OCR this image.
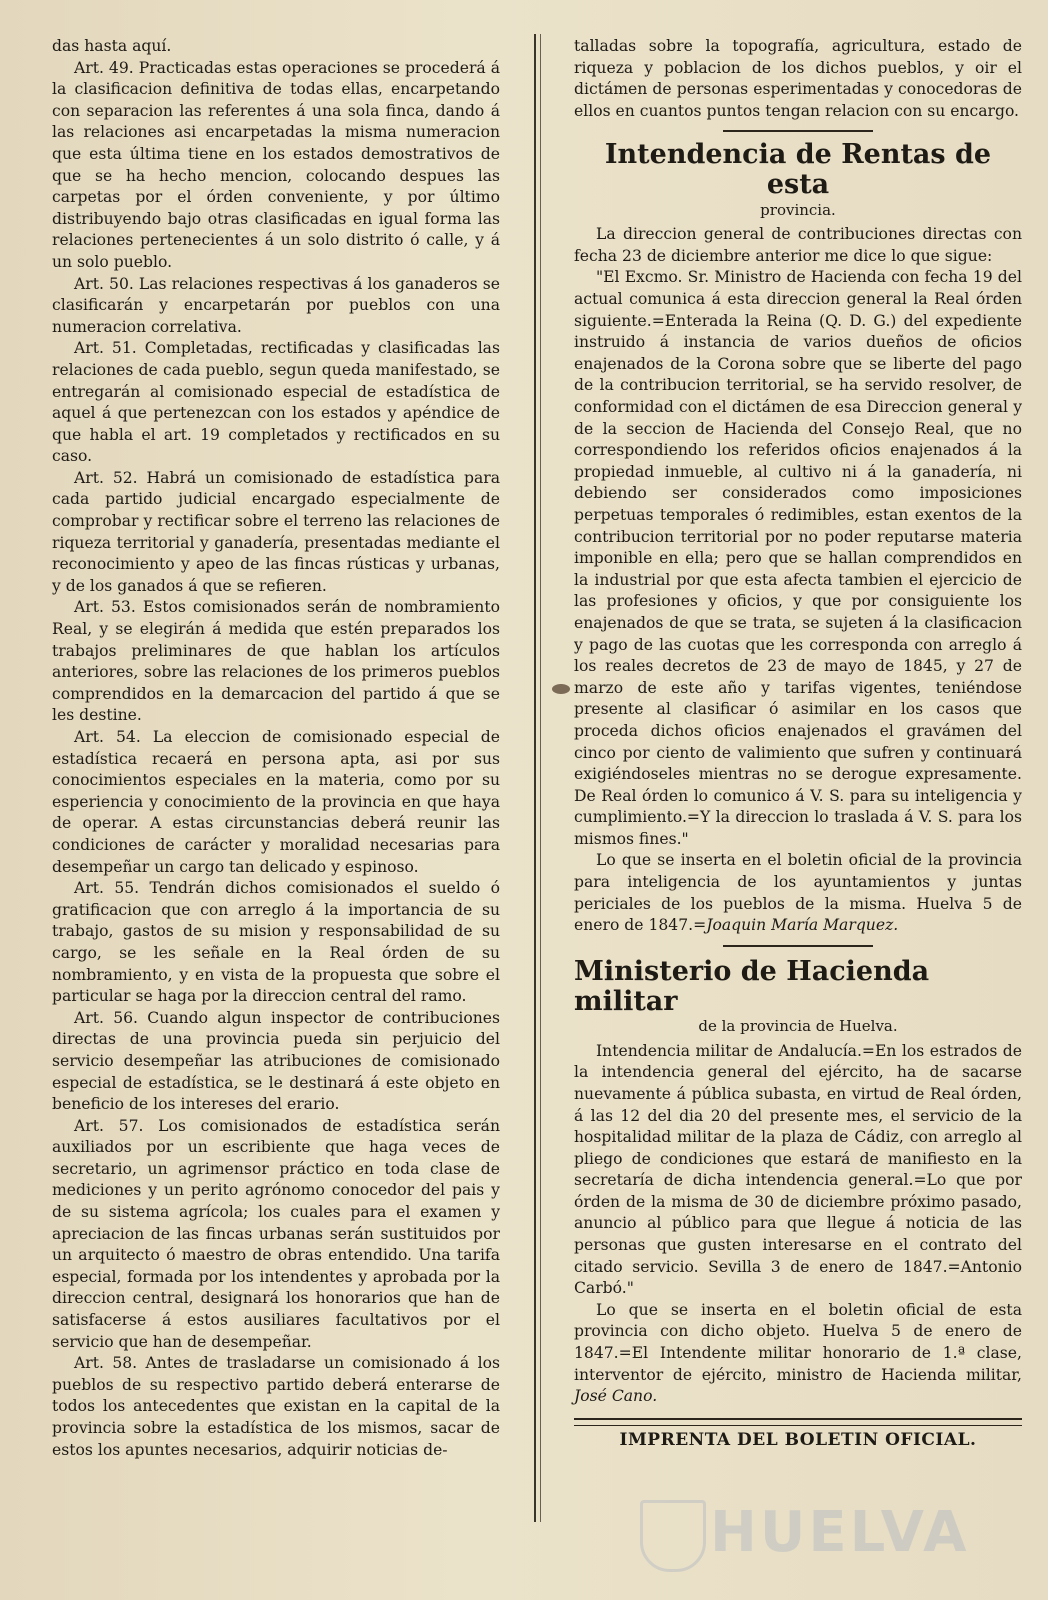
das hasta aquí.

Art. 49. Practicadas estas operaciones se procederá á la clasificacion definitiva de todas ellas, encarpetando con separacion las referentes á una sola finca, dando á las relaciones asi encarpetadas la misma numeracion que esta última tiene en los estados demostrativos de que se ha hecho mencion, colocando despues las carpetas por el órden conveniente, y por último distribuyendo bajo otras clasificadas en igual forma las relaciones pertenecientes á un solo distrito ó calle, y á un solo pueblo.

Art. 50. Las relaciones respectivas á los ganaderos se clasificarán y encarpetarán por pueblos con una numeracion correlativa.

Art. 51. Completadas, rectificadas y clasificadas las relaciones de cada pueblo, segun queda manifestado, se entregarán al comisionado especial de estadística de aquel á que pertenezcan con los estados y apéndice de que habla el art. 19 completados y rectificados en su caso.

Art. 52. Habrá un comisionado de estadística para cada partido judicial encargado especialmente de comprobar y rectificar sobre el terreno las relaciones de riqueza territorial y ganadería, presentadas mediante el reconocimiento y apeo de las fincas rústicas y urbanas, y de los ganados á que se refieren.

Art. 53. Estos comisionados serán de nombramiento Real, y se elegirán á medida que estén preparados los trabajos preliminares de que hablan los artículos anteriores, sobre las relaciones de los primeros pueblos comprendidos en la demarcacion del partido á que se les destine.

Art. 54. La eleccion de comisionado especial de estadística recaerá en persona apta, asi por sus conocimientos especiales en la materia, como por su esperiencia y conocimiento de la provincia en que haya de operar. A estas circunstancias deberá reunir las condiciones de carácter y moralidad necesarias para desempeñar un cargo tan delicado y espinoso.

Art. 55. Tendrán dichos comisionados el sueldo ó gratificacion que con arreglo á la importancia de su trabajo, gastos de su mision y responsabilidad de su cargo, se les señale en la Real órden de su nombramiento, y en vista de la propuesta que sobre el particular se haga por la direccion central del ramo.

Art. 56. Cuando algun inspector de contribuciones directas de una provincia pueda sin perjuicio del servicio desempeñar las atribuciones de comisionado especial de estadística, se le destinará á este objeto en beneficio de los intereses del erario.

Art. 57. Los comisionados de estadística serán auxiliados por un escribiente que haga veces de secretario, un agrimensor práctico en toda clase de mediciones y un perito agrónomo conocedor del pais y de su sistema agrícola; los cuales para el examen y apreciacion de las fincas urbanas serán sustituidos por un arquitecto ó maestro de obras entendido. Una tarifa especial, formada por los intendentes y aprobada por la direccion central, designará los honorarios que han de satisfacerse á estos ausiliares facultativos por el servicio que han de desempeñar.

Art. 58. Antes de trasladarse un comisionado á los pueblos de su respectivo partido deberá enterarse de todos los antecedentes que existan en la capital de la provincia sobre la estadística de los mismos, sacar de estos los apuntes necesarios, adquirir noticias de-

talladas sobre la topografía, agricultura, estado de riqueza y poblacion de los dichos pueblos, y oir el dictámen de personas esperimentadas y conocedoras de ellos en cuantos puntos tengan relacion con su encargo.

Intendencia de Rentas de esta
provincia.

La direccion general de contribuciones directas con fecha 23 de diciembre anterior me dice lo que sigue:

"El Excmo. Sr. Ministro de Hacienda con fecha 19 del actual comunica á esta direccion general la Real órden siguiente.=Enterada la Reina (Q. D. G.) del expediente instruido á instancia de varios dueños de oficios enajenados de la Corona sobre que se liberte del pago de la contribucion territorial, se ha servido resolver, de conformidad con el dictámen de esa Direccion general y de la seccion de Hacienda del Consejo Real, que no correspondiendo los referidos oficios enajenados á la propiedad inmueble, al cultivo ni á la ganadería, ni debiendo ser considerados como imposiciones perpetuas temporales ó redimibles, estan exentos de la contribucion territorial por no poder reputarse materia imponible en ella; pero que se hallan comprendidos en la industrial por que esta afecta tambien el ejercicio de las profesiones y oficios, y que por consiguiente los enajenados de que se trata, se sujeten á la clasificacion y pago de las cuotas que les corresponda con arreglo á los reales decretos de 23 de mayo de 1845, y 27 de marzo de este año y tarifas vigentes, teniéndose presente al clasificar ó asimilar en los casos que proceda dichos oficios enajenados el gravámen del cinco por ciento de valimiento que sufren y continuará exigiéndoseles mientras no se derogue expresamente. De Real órden lo comunico á V. S. para su inteligencia y cumplimiento.=Y la direccion lo traslada á V. S. para los mismos fines."

Lo que se inserta en el boletin oficial de la provincia para inteligencia de los ayuntamientos y juntas periciales de los pueblos de la misma. Huelva 5 de enero de 1847.=Joaquin María Marquez.

Ministerio de Hacienda militar
de la provincia de Huelva.

Intendencia militar de Andalucía.=En los estrados de la intendencia general del ejército, ha de sacarse nuevamente á pública subasta, en virtud de Real órden, á las 12 del dia 20 del presente mes, el servicio de la hospitalidad militar de la plaza de Cádiz, con arreglo al pliego de condiciones que estará de manifiesto en la secretaría de dicha intendencia general.=Lo que por órden de la misma de 30 de diciembre próximo pasado, anuncio al público para que llegue á noticia de las personas que gusten interesarse en el contrato del citado servicio. Sevilla 3 de enero de 1847.=Antonio Carbó."

Lo que se inserta en el boletin oficial de esta provincia con dicho objeto. Huelva 5 de enero de 1847.=El Intendente militar honorario de 1.ª clase, interventor de ejército, ministro de Hacienda militar, José Cano.

IMPRENTA DEL BOLETIN OFICIAL.
HUELVA
